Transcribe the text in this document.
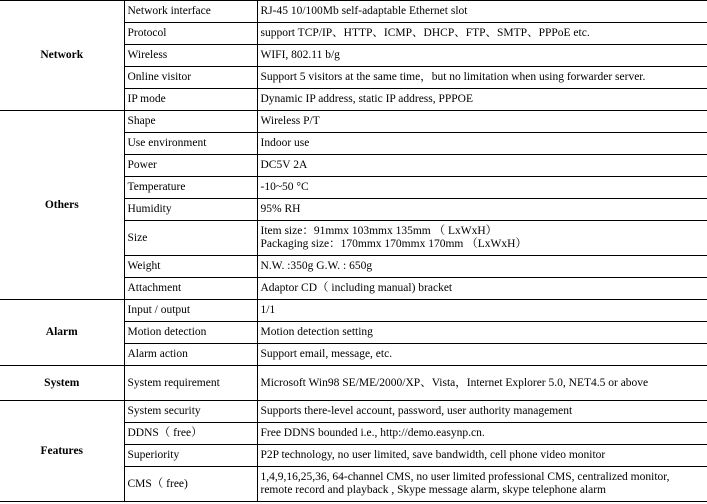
Network	Network interface	RJ-45 10/100Mb self-adaptable Ethernet slot
	Protocol	support TCP/IP、HTTP、ICMP、DHCP、FTP、SMTP、PPPoE etc.
	Wireless	WIFI, 802.11 b/g
	Online visitor	Support 5 visitors at the same time，but no limitation when using forwarder server.
	IP mode	Dynamic IP address, static IP address, PPPOE
Others	Shape	Wireless P/T
	Use environment	Indoor use
	Power	DC5V 2A
	Temperature	-10~50 °C
	Humidity	95% RH
	Size	Item size：91mmx 103mmx 135mm （ LxWxH）
Packaging size：170mmx 170mmx 170mm （LxWxH）

	Weight	N.W. :350g G.W. : 650g
	Attachment	Adaptor CD（ including manual) bracket
Alarm	Input / output	1/1
	Motion detection	Motion detection setting
	Alarm action	Support email, message, etc.
System	System requirement	Microsoft Win98 SE/ME/2000/XP、Vista，Internet Explorer 5.0, NET4.5 or above
Features	System security	Supports there-level account, password, user authority management
	DDNS（ free）	Free DDNS bounded i.e., http://demo.easynp.cn.
	Superiority	P2P technology, no user limited, save bandwidth, cell phone video monitor
	CMS（ free)	1,4,9,16,25,36, 64-channel CMS, no user limited professional CMS, centralized monitor,
remote record and playback , Skype message alarm, skype telephone alarm
